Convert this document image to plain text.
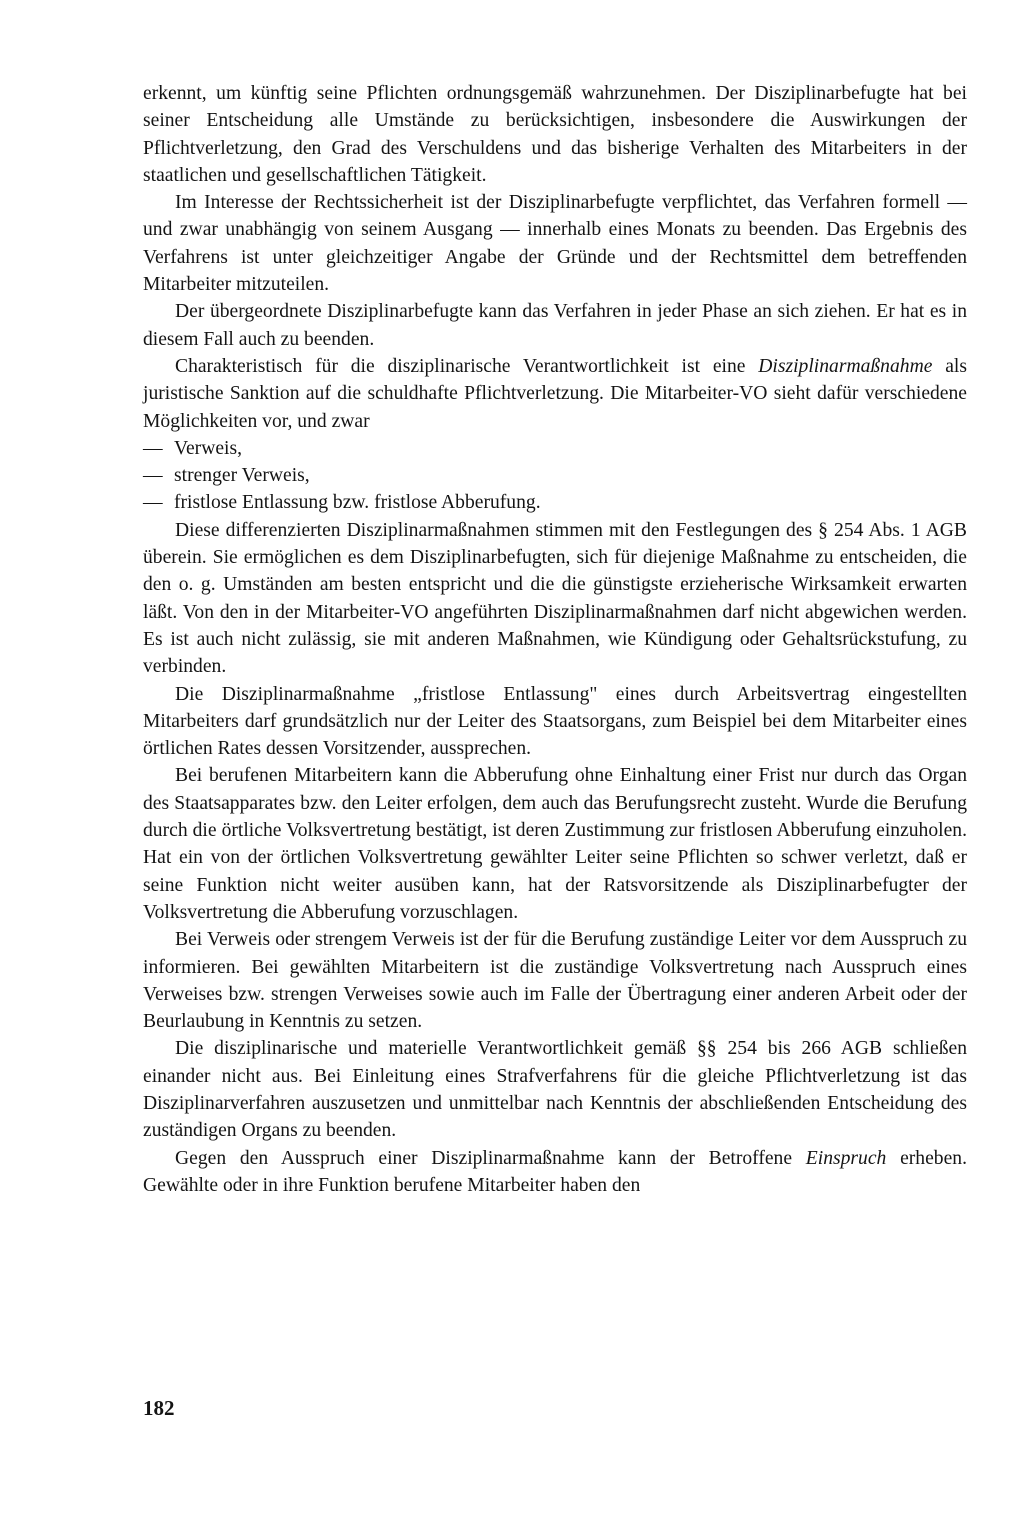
erkennt, um künftig seine Pflichten ordnungsgemäß wahrzunehmen. Der Disziplinarbefugte hat bei seiner Entscheidung alle Umstände zu berücksichtigen, insbesondere die Auswirkungen der Pflichtverletzung, den Grad des Verschuldens und das bisherige Verhalten des Mitarbeiters in der staatlichen und gesellschaftlichen Tätigkeit.

Im Interesse der Rechtssicherheit ist der Disziplinarbefugte verpflichtet, das Verfahren formell — und zwar unabhängig von seinem Ausgang — innerhalb eines Monats zu beenden. Das Ergebnis des Verfahrens ist unter gleichzeitiger Angabe der Gründe und der Rechtsmittel dem betreffenden Mitarbeiter mitzuteilen.

Der übergeordnete Disziplinarbefugte kann das Verfahren in jeder Phase an sich ziehen. Er hat es in diesem Fall auch zu beenden.

Charakteristisch für die disziplinarische Verantwortlichkeit ist eine Disziplinarmaßnahme als juristische Sanktion auf die schuldhafte Pflichtverletzung. Die Mitarbeiter-VO sieht dafür verschiedene Möglichkeiten vor, und zwar

— Verweis,
— strenger Verweis,
— fristlose Entlassung bzw. fristlose Abberufung.

Diese differenzierten Disziplinarmaßnahmen stimmen mit den Festlegungen des § 254 Abs. 1 AGB überein. Sie ermöglichen es dem Disziplinarbefugten, sich für diejenige Maßnahme zu entscheiden, die den o. g. Umständen am besten entspricht und die die günstigste erzieherische Wirksamkeit erwarten läßt. Von den in der Mitarbeiter-VO angeführten Disziplinarmaßnahmen darf nicht abgewichen werden. Es ist auch nicht zulässig, sie mit anderen Maßnahmen, wie Kündigung oder Gehaltsrückstufung, zu verbinden.

Die Disziplinarmaßnahme „fristlose Entlassung" eines durch Arbeitsvertrag eingestellten Mitarbeiters darf grundsätzlich nur der Leiter des Staatsorgans, zum Beispiel bei dem Mitarbeiter eines örtlichen Rates dessen Vorsitzender, aussprechen.

Bei berufenen Mitarbeitern kann die Abberufung ohne Einhaltung einer Frist nur durch das Organ des Staatsapparates bzw. den Leiter erfolgen, dem auch das Berufungsrecht zusteht. Wurde die Berufung durch die örtliche Volksvertretung bestätigt, ist deren Zustimmung zur fristlosen Abberufung einzuholen. Hat ein von der örtlichen Volksvertretung gewählter Leiter seine Pflichten so schwer verletzt, daß er seine Funktion nicht weiter ausüben kann, hat der Ratsvorsitzende als Disziplinarbefugter der Volksvertretung die Abberufung vorzuschlagen.

Bei Verweis oder strengem Verweis ist der für die Berufung zuständige Leiter vor dem Ausspruch zu informieren. Bei gewählten Mitarbeitern ist die zuständige Volksvertretung nach Ausspruch eines Verweises bzw. strengen Verweises sowie auch im Falle der Übertragung einer anderen Arbeit oder der Beurlaubung in Kenntnis zu setzen.

Die disziplinarische und materielle Verantwortlichkeit gemäß §§ 254 bis 266 AGB schließen einander nicht aus. Bei Einleitung eines Strafverfahrens für die gleiche Pflichtverletzung ist das Disziplinarverfahren auszusetzen und unmittelbar nach Kenntnis der abschließenden Entscheidung des zuständigen Organs zu beenden.

Gegen den Ausspruch einer Disziplinarmaßnahme kann der Betroffene Einspruch erheben. Gewählte oder in ihre Funktion berufene Mitarbeiter haben den

182
